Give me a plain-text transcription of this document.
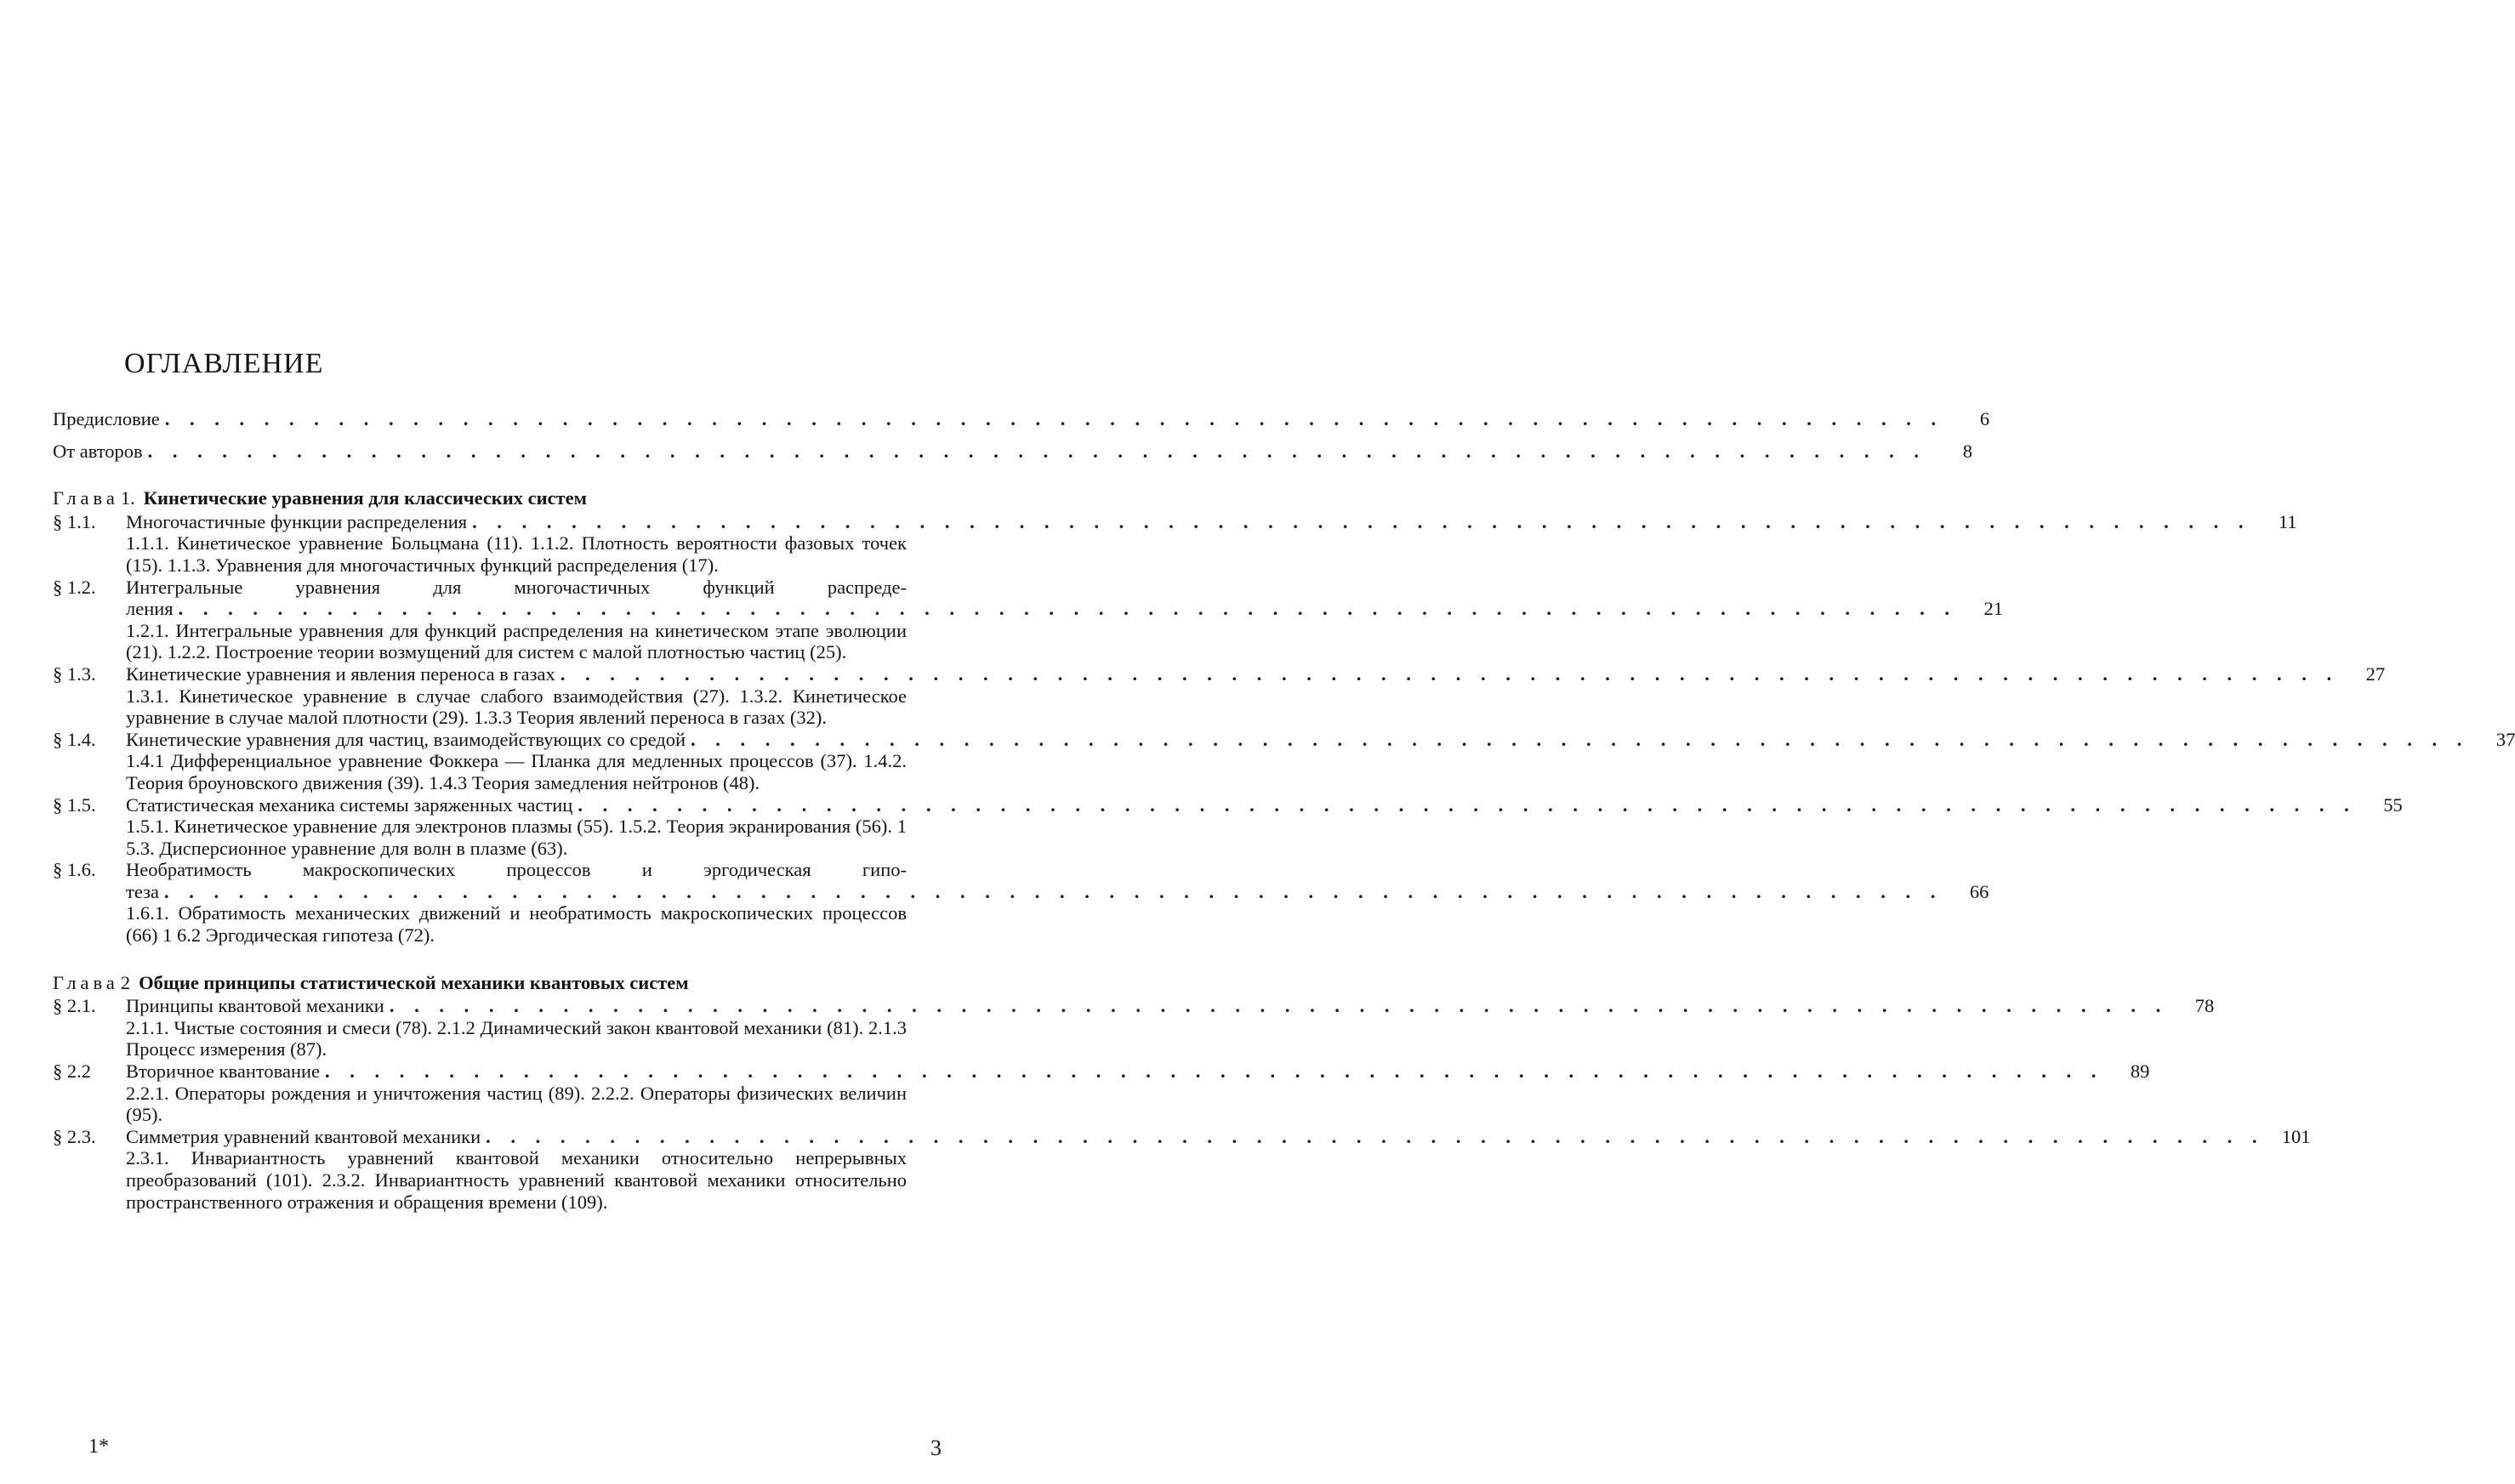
ОГЛАВЛЕНИЕ
Предисловие . . . . . . . . . . . . . . . . . . . . . . . . . . . . . . . . . . . . . . . . . . . . . . . . . . . . . . . . . . . . . . . . . . . . . . . .	6
От авторов . . . . . . . . . . . . . . . . . . . . . . . . . . . . . . . . . . . . . . . . . . . . . . . . . . . . . . . . . . . . . . . . . . . . . . . .	8
Глава 1. Кинетические уравнения для классических систем
§ 1.1.	Многочастичные функции распределения . . . . . . . . . . . . . . . . . . . . . . . . . . . . . . . . . . . . . . . . . . . . . . . . . . . . . . . . . . . . . . . . . . . . . . . .	11
1.1.1. Кинетическое уравнение Больцмана (11). 1.1.2. Плотность вероятности фазовых точек (15). 1.1.3. Уравнения для многочастичных функций распределения (17).
§ 1.2.	Интегральные уравнения для многочастичных функций распреде-
ления . . . . . . . . . . . . . . . . . . . . . . . . . . . . . . . . . . . . . . . . . . . . . . . . . . . . . . . . . . . . . . . . . . . . . . . .	21
1.2.1. Интегральные уравнения для функций распределения на кинетическом этапе эволюции (21). 1.2.2. Построение теории возмущений для систем с малой плотностью частиц (25).
§ 1.3.	Кинетические уравнения и явления переноса в газах . . . . . . . . . . . . . . . . . . . . . . . . . . . . . . . . . . . . . . . . . . . . . . . . . . . . . . . . . . . . . . . . . . . . . . . .	27
1.3.1. Кинетическое уравнение в случае слабого взаимодействия (27). 1.3.2. Кинетическое уравнение в случае малой плотности (29). 1.3.3 Теория явлений переноса в газах (32).
§ 1.4.	Кинетические уравнения для частиц, взаимодействующих со средой . . . . . . . . . . . . . . . . . . . . . . . . . . . . . . . . . . . . . . . . . . . . . . . . . . . . . . . . . . . . . . . . . . . . . . . .	37
1.4.1 Дифференциальное уравнение Фоккера — Планка для медленных процессов (37). 1.4.2. Теория броуновского движения (39). 1.4.3 Теория замедления нейтронов (48).
§ 1.5.	Статистическая механика системы заряженных частиц . . . . . . . . . . . . . . . . . . . . . . . . . . . . . . . . . . . . . . . . . . . . . . . . . . . . . . . . . . . . . . . . . . . . . . . .	55
1.5.1. Кинетическое уравнение для электронов плазмы (55). 1.5.2. Теория экранирования (56). 1 5.3. Дисперсионное уравнение для волн в плазме (63).
§ 1.6.	Необратимость макроскопических процессов и эргодическая гипо-
теза . . . . . . . . . . . . . . . . . . . . . . . . . . . . . . . . . . . . . . . . . . . . . . . . . . . . . . . . . . . . . . . . . . . . . . . .	66
1.6.1. Обратимость механических движений и необратимость макроскопических процессов (66) 1 6.2 Эргодическая гипотеза (72).
Глава 2 Общие принципы статистической механики квантовых систем
§ 2.1.	Принципы квантовой механики . . . . . . . . . . . . . . . . . . . . . . . . . . . . . . . . . . . . . . . . . . . . . . . . . . . . . . . . . . . . . . . . . . . . . . . .	78
2.1.1. Чистые состояния и смеси (78). 2.1.2 Динамический закон квантовой механики (81). 2.1.3 Процесс измерения (87).
§ 2.2	Вторичное квантование . . . . . . . . . . . . . . . . . . . . . . . . . . . . . . . . . . . . . . . . . . . . . . . . . . . . . . . . . . . . . . . . . . . . . . . .	89
2.2.1. Операторы рождения и уничтожения частиц (89). 2.2.2. Операторы физических величин (95).
§ 2.3.	Симметрия уравнений квантовой механики . . . . . . . . . . . . . . . . . . . . . . . . . . . . . . . . . . . . . . . . . . . . . . . . . . . . . . . . . . . . . . . . . . . . . . . . 101
2.3.1. Инвариантность уравнений квантовой механики относительно непрерывных преобразований (101). 2.3.2. Инвариантность уравнений квантовой механики относительно пространственного отражения и обращения времени (109).
1*	3
